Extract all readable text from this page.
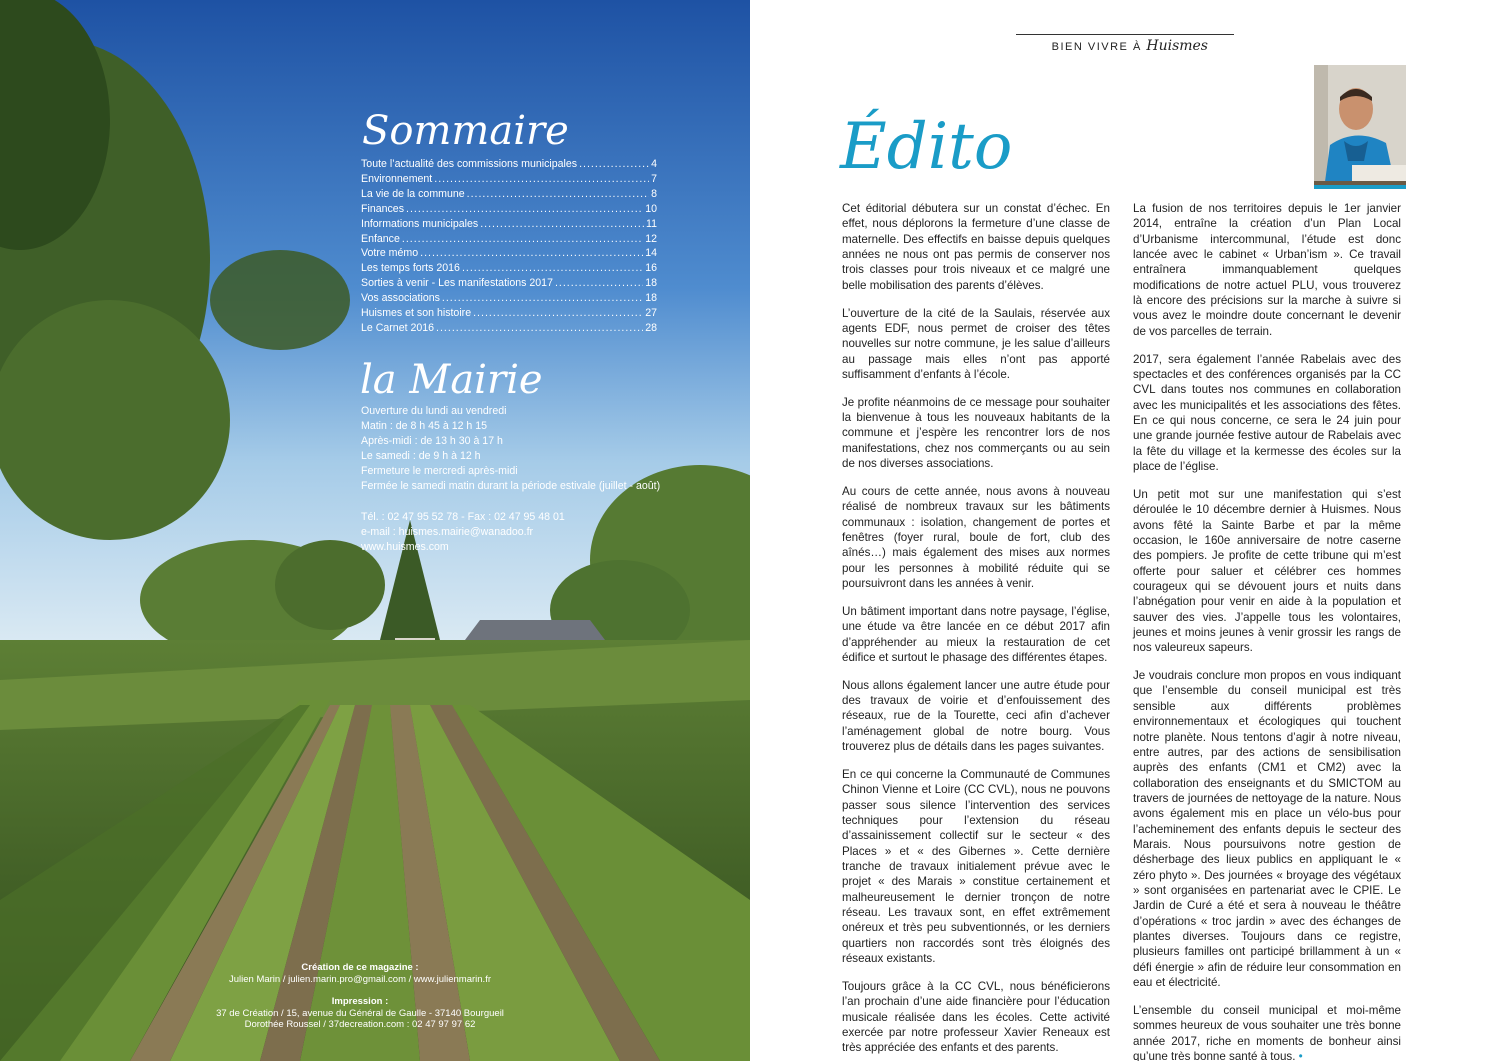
Sommaire
Toute l’actualité des commissions municipales .....	4
Environnement .....	7
La vie de la commune .....	8
Finances .....	10
Informations municipales .....	11
Enfance .....	12
Votre mémo .....	14
Les temps forts 2016 .....	16
Sorties à venir - Les manifestations 2017 .....	18
Vos associations .....	18
Huismes et son histoire .....	27
Le Carnet 2016 .....	28
la Mairie
Ouverture du lundi au vendredi
Matin : de 8 h 45 à 12 h 15
Après-midi : de 13 h 30 à 17 h
Le samedi : de 9 h à 12 h
Fermeture le mercredi après-midi
Fermée le samedi matin durant la période estivale (juillet - août)
Tél. : 02 47 95 52 78 - Fax : 02 47 95 48 01
e-mail : huismes.mairie@wanadoo.fr
www.huismes.com
Création de ce magazine :
Julien Marin / julien.marin.pro@gmail.com / www.julienmarin.fr
Impression :
37 de Création / 15, avenue du Général de Gaulle - 37140 Bourgueil
Dorothée Roussel / 37decreation.com : 02 47 97 97 62
BIEN VIVRE À Huismes
Édito

Cet éditorial débutera sur un constat d’échec. En effet, nous déplorons la fermeture d’une classe de maternelle. Des effectifs en baisse depuis quelques années ne nous ont pas permis de conserver nos trois classes pour trois niveaux et ce malgré une belle mobilisation des parents d’élèves.

L’ouverture de la cité de la Saulais, réservée aux agents EDF, nous permet de croiser des têtes nouvelles sur notre commune, je les salue d’ailleurs au passage mais elles n’ont pas apporté suffisamment d’enfants à l’école.

Je profite néanmoins de ce message pour souhaiter la bienvenue à tous les nouveaux habitants de la commune et j’espère les rencontrer lors de nos manifestations, chez nos commerçants ou au sein de nos diverses associations.

Au cours de cette année, nous avons à nouveau réalisé de nombreux travaux sur les bâtiments communaux : isolation, changement de portes et fenêtres (foyer rural, boule de fort, club des aînés…) mais également des mises aux normes pour les personnes à mobilité réduite qui se poursuivront dans les années à venir.

Un bâtiment important dans notre paysage, l’église, une étude va être lancée en ce début 2017 afin d’appréhender au mieux la restauration de cet édifice et surtout le phasage des différentes étapes.

Nous allons également lancer une autre étude pour des travaux de voirie et d’enfouissement des réseaux, rue de la Tourette, ceci afin d’achever l’aménagement global de notre bourg. Vous trouverez plus de détails dans les pages suivantes.

En ce qui concerne la Communauté de Communes Chinon Vienne et Loire (CC CVL), nous ne pouvons passer sous silence l’intervention des services techniques pour l’extension du réseau d’assainissement collectif sur le secteur « des Places » et « des Gibernes ». Cette dernière tranche de travaux initialement prévue avec le projet « des Marais » constitue certainement et malheureusement le dernier tronçon de notre réseau. Les travaux sont, en effet extrêmement onéreux et très peu subventionnés, or les derniers quartiers non raccordés sont très éloignés des réseaux existants.

Toujours grâce à la CC CVL, nous bénéficierons l’an prochain d’une aide financière pour l’éducation musicale réalisée dans les écoles. Cette activité exercée par notre professeur Xavier Reneaux est très appréciée des enfants et des parents.

La fusion de nos territoires depuis le 1er janvier 2014, entraîne la création d’un Plan Local d’Urbanisme intercommunal, l’étude est donc lancée avec le cabinet « Urban’ism ». Ce travail entraînera immanquablement quelques modifications de notre actuel PLU, vous trouverez là encore des précisions sur la marche à suivre si vous avez le moindre doute concernant le devenir de vos parcelles de terrain.

2017, sera également l’année Rabelais avec des spectacles et des conférences organisés par la CC CVL dans toutes nos communes en collaboration avec les municipalités et les associations des fêtes. En ce qui nous concerne, ce sera le 24 juin pour une grande journée festive autour de Rabelais avec la fête du village et la kermesse des écoles sur la place de l’église.

Un petit mot sur une manifestation qui s’est déroulée le 10 décembre dernier à Huismes. Nous avons fêté la Sainte Barbe et par la même occasion, le 160e anniversaire de notre caserne des pompiers. Je profite de cette tribune qui m’est offerte pour saluer et célébrer ces hommes courageux qui se dévouent jours et nuits dans l’abnégation pour venir en aide à la population et sauver des vies. J’appelle tous les volontaires, jeunes et moins jeunes à venir grossir les rangs de nos valeureux sapeurs.

Je voudrais conclure mon propos en vous indiquant que l’ensemble du conseil municipal est très sensible aux différents problèmes environnementaux et écologiques qui touchent notre planète. Nous tentons d’agir à notre niveau, entre autres, par des actions de sensibilisation auprès des enfants (CM1 et CM2) avec la collaboration des enseignants et du SMICTOM au travers de journées de nettoyage de la nature. Nous avons également mis en place un vélo-bus pour l’acheminement des enfants depuis le secteur des Marais. Nous poursuivons notre gestion de désherbage des lieux publics en appliquant le « zéro phyto ». Des journées « broyage des végétaux » sont organisées en partenariat avec le CPIE. Le Jardin de Curé a été et sera à nouveau le théâtre d’opérations « troc jardin » avec des échanges de plantes diverses. Toujours dans ce registre, plusieurs familles ont participé brillamment à un « défi énergie » afin de réduire leur consommation en eau et électricité.

L’ensemble du conseil municipal et moi-même sommes heureux de vous souhaiter une très bonne année 2017, riche en moments de bonheur ainsi qu’une très bonne santé à tous. •
